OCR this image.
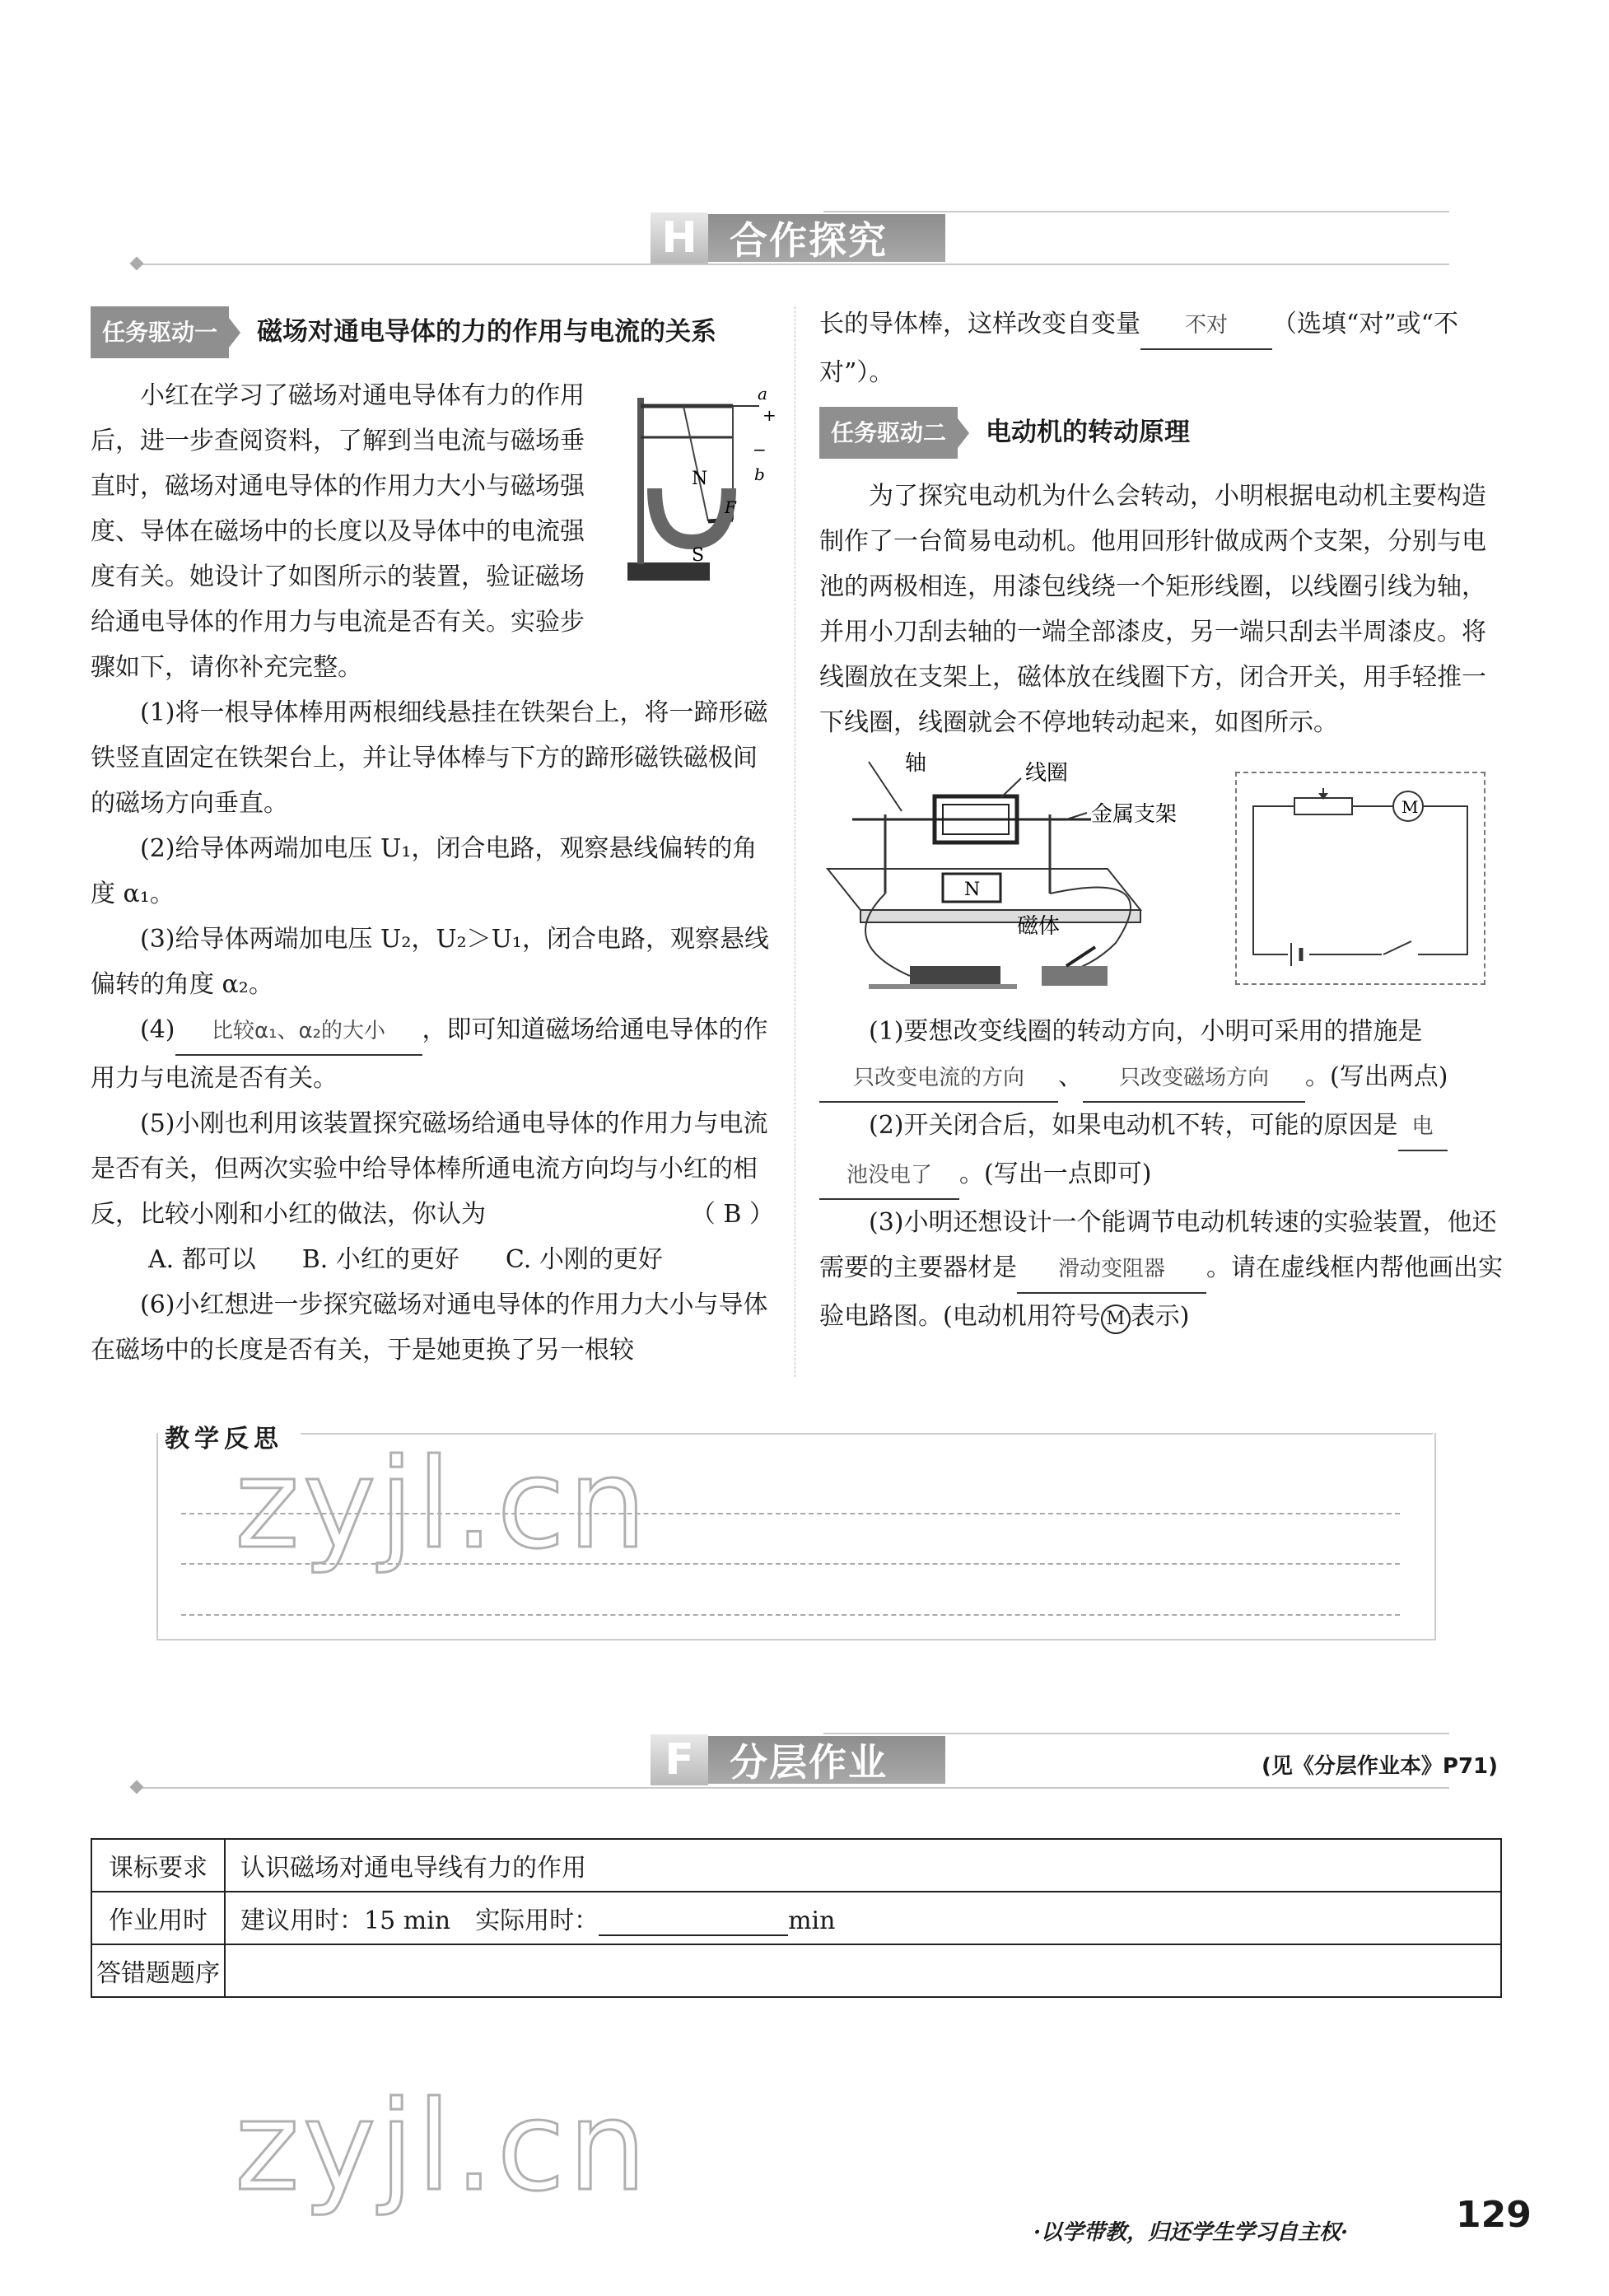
H 合作探究
任务驱动一	磁场对通电导体的力的作用与电流的关系
a
+
−
b
N
F
S

小红在学习了磁场对通电导体有力的作用后，进一步查阅资料，了解到当电流与磁场垂直时，磁场对通电导体的作用力大小与磁场强度、导体在磁场中的长度以及导体中的电流强度有关。她设计了如图所示的装置，验证磁场给通电导体的作用力与电流是否有关。实验步骤如下，请你补充完整。

(1)将一根导体棒用两根细线悬挂在铁架台上，将一蹄形磁铁竖直固定在铁架台上，并让导体棒与下方的蹄形磁铁磁极间的磁场方向垂直。

(2)给导体两端加电压 U₁，闭合电路，观察悬线偏转的角度 α₁。

(3)给导体两端加电压 U₂，U₂＞U₁，闭合电路，观察悬线偏转的角度 α₂。

(4) 比较α₁、α₂的大小 ，即可知道磁场给通电导体的作用力与电流是否有关。

(5)小刚也利用该装置探究磁场给通电导体的作用力与电流是否有关，但两次实验中给导体棒所通电流方向均与小红的相反，比较小刚和小红的做法，你认为	（ B ）

A. 都可以 B. 小红的更好 C. 小刚的更好

(6)小红想进一步探究磁场对通电导体的作用力大小与导体在磁场中的长度是否有关，于是她更换了另一根较

长的导体棒，这样改变自变量 不对 （选填“对”或“不对”）。

任务驱动二	电动机的转动原理

为了探究电动机为什么会转动，小明根据电动机主要构造制作了一台简易电动机。他用回形针做成两个支架，分别与电池的两极相连，用漆包线绕一个矩形线圈，以线圈引线为轴，并用小刀刮去轴的一端全部漆皮，另一端只刮去半周漆皮。将线圈放在支架上，磁体放在线圈下方，闭合开关，用手轻推一下线圈，线圈就会不停地转动起来，如图所示。

轴	线圈
金属支架
N
磁体
M

(1)要想改变线圈的转动方向，小明可采用的措施是
只改变电流的方向 、 只改变磁场方向 。(写出两点)

(2)开关闭合后，如果电动机不转，可能的原因是 电
池没电了 。(写出一点即可)

(3)小明还想设计一个能调节电动机转速的实验装置，他还需要的主要器材是 滑动变阻器 。请在虚线框内帮他画出实验电路图。(电动机用符号 M 表示)

教学反思
zyjl.cn
F 分层作业	(见《分层作业本》P71)
课标要求	认识磁场对通电导线有力的作用
作业用时	建议用时：15 min　实际用时： min
答错题题序	
zyjl.cn
·以学带教，归还学生学习自主权·	129
